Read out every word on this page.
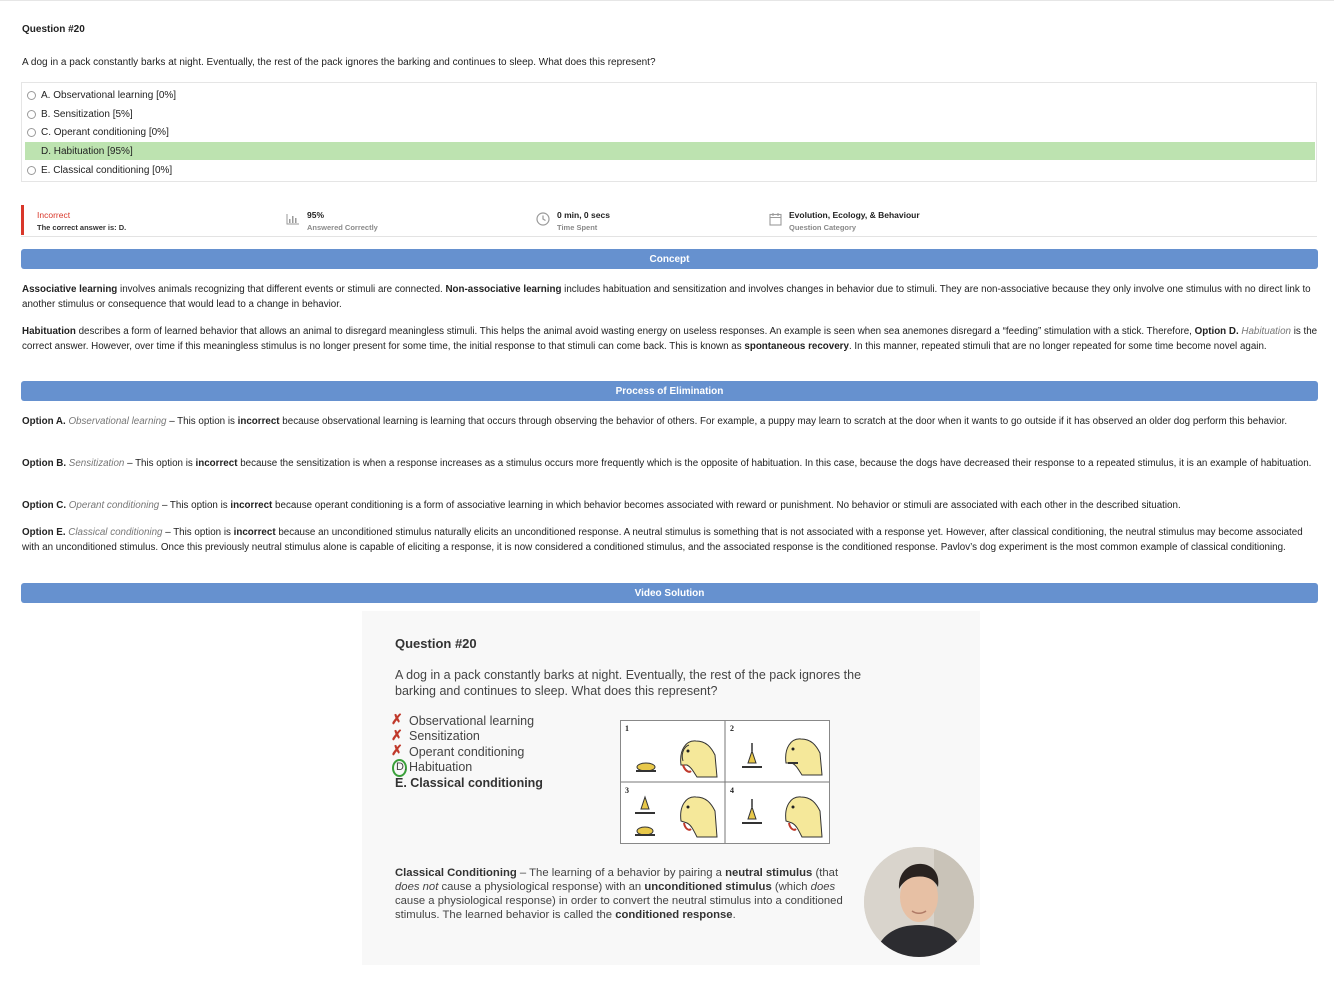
Question #20
A dog in a pack constantly barks at night. Eventually, the rest of the pack ignores the barking and continues to sleep. What does this represent?
A. Observational learning [0%]
B. Sensitization [5%]
C. Operant conditioning [0%]
D. Habituation [95%]
E. Classical conditioning [0%]
Incorrect
The correct answer is: D.
95%
Answered Correctly
0 min, 0 secs
Time Spent
Evolution, Ecology, & Behaviour
Question Category
Concept
Associative learning involves animals recognizing that different events or stimuli are connected. Non-associative learning includes habituation and sensitization and involves changes in behavior due to stimuli. They are non-associative because they only involve one stimulus with no direct link to another stimulus or consequence that would lead to a change in behavior.
Habituation describes a form of learned behavior that allows an animal to disregard meaningless stimuli. This helps the animal avoid wasting energy on useless responses. An example is seen when sea anemones disregard a “feeding” stimulation with a stick. Therefore, Option D. Habituation is the correct answer. However, over time if this meaningless stimulus is no longer present for some time, the initial response to that stimuli can come back. This is known as spontaneous recovery. In this manner, repeated stimuli that are no longer repeated for some time become novel again.
Process of Elimination
Option A. Observational learning – This option is incorrect because observational learning is learning that occurs through observing the behavior of others. For example, a puppy may learn to scratch at the door when it wants to go outside if it has observed an older dog perform this behavior.
Option B. Sensitization – This option is incorrect because the sensitization is when a response increases as a stimulus occurs more frequently which is the opposite of habituation. In this case, because the dogs have decreased their response to a repeated stimulus, it is an example of habituation.
Option C. Operant conditioning – This option is incorrect because operant conditioning is a form of associative learning in which behavior becomes associated with reward or punishment. No behavior or stimuli are associated with each other in the described situation.
Option E. Classical conditioning – This option is incorrect because an unconditioned stimulus naturally elicits an unconditioned response. A neutral stimulus is something that is not associated with a response yet. However, after classical conditioning, the neutral stimulus may become associated with an unconditioned stimulus. Once this previously neutral stimulus alone is capable of eliciting a response, it is now considered a conditioned stimulus, and the associated response is the conditioned response. Pavlov’s dog experiment is the most common example of classical conditioning.
Video Solution
Question #20
A dog in a pack constantly barks at night. Eventually, the rest of the pack ignores the barking and continues to sleep. What does this represent?
✗ Observational learning
✗ Sensitization
✗ Operant conditioning
D. Habituation
E. Classical conditioning
1	2
3	4
Classical Conditioning – The learning of a behavior by pairing a neutral stimulus (that does not cause a physiological response) with an unconditioned stimulus (which does cause a physiological response) in order to convert the neutral stimulus into a conditioned stimulus. The learned behavior is called the conditioned response.
